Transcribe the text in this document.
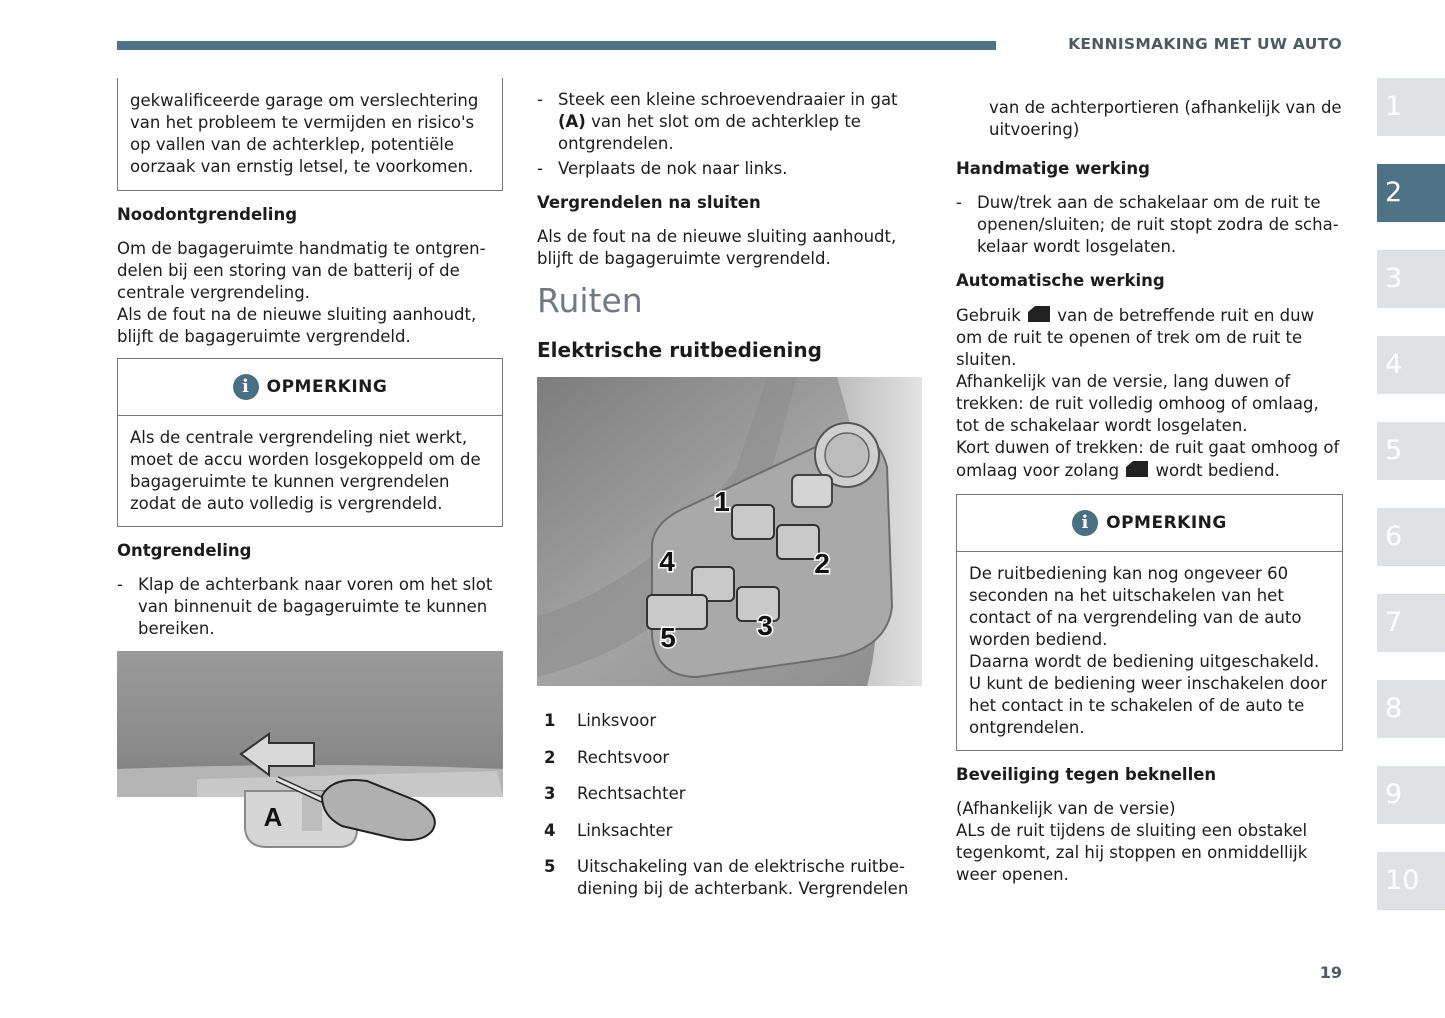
KENNISMAKING MET UW AUTO
1
2
3
4
5
6
7
8
9
10

gekwalificeerde garage om verslechtering van het probleem te vermijden en risico's op vallen van de achterklep, potentiële oorzaak van ernstig letsel, te voorkomen.

Noodontgrendeling

Om de bagageruimte handmatig te ontgrendelen bij een storing van de batterij of de centrale vergrendeling.

Als de fout na de nieuwe sluiting aanhoudt, blijft de bagageruimte vergrendeld.

i	OPMERKING

Als de centrale vergrendeling niet werkt, moet de accu worden losgekoppeld om de bagageruimte te kunnen vergrendelen zodat de auto volledig is vergrendeld.

Ontgrendeling
- Klap de achterbank naar voren om het slot van binnenuit de bagageruimte te kunnen bereiken.
A
- Steek een kleine schroevendraaier in gat (A) van het slot om de achterklep te ontgrendelen.
- Verplaats de nok naar links.
Vergrendelen na sluiten

Als de fout na de nieuwe sluiting aanhoudt, blijft de bagageruimte vergrendeld.

Ruiten
Elektrische ruitbediening
1
2
3
4
5
1	Linksvoor
2	Rechtsvoor
3	Rechtsachter
4	Linksachter
5	Uitschakeling van de elektrische ruitbediening bij de achterbank. Vergrendelen

van de achterportieren (afhankelijk van de uitvoering)

Handmatige werking
- Duw/trek aan de schakelaar om de ruit te openen/sluiten; de ruit stopt zodra de schakelaar wordt losgelaten.
Automatische werking

Gebruik  van de betreffende ruit en duw om de ruit te openen of trek om de ruit te sluiten.

Afhankelijk van de versie, lang duwen of trekken: de ruit volledig omhoog of omlaag, tot de schakelaar wordt losgelaten.

Kort duwen of trekken: de ruit gaat omhoog of omlaag voor zolang  wordt bediend.

i	OPMERKING

De ruitbediening kan nog ongeveer 60 seconden na het uitschakelen van het contact of na vergrendeling van de auto worden bediend.

Daarna wordt de bediening uitgeschakeld.

U kunt de bediening weer inschakelen door het contact in te schakelen of de auto te ontgrendelen.

Beveiliging tegen beknellen

(Afhankelijk van de versie)

ALs de ruit tijdens de sluiting een obstakel tegenkomt, zal hij stoppen en onmiddellijk weer openen.

19
